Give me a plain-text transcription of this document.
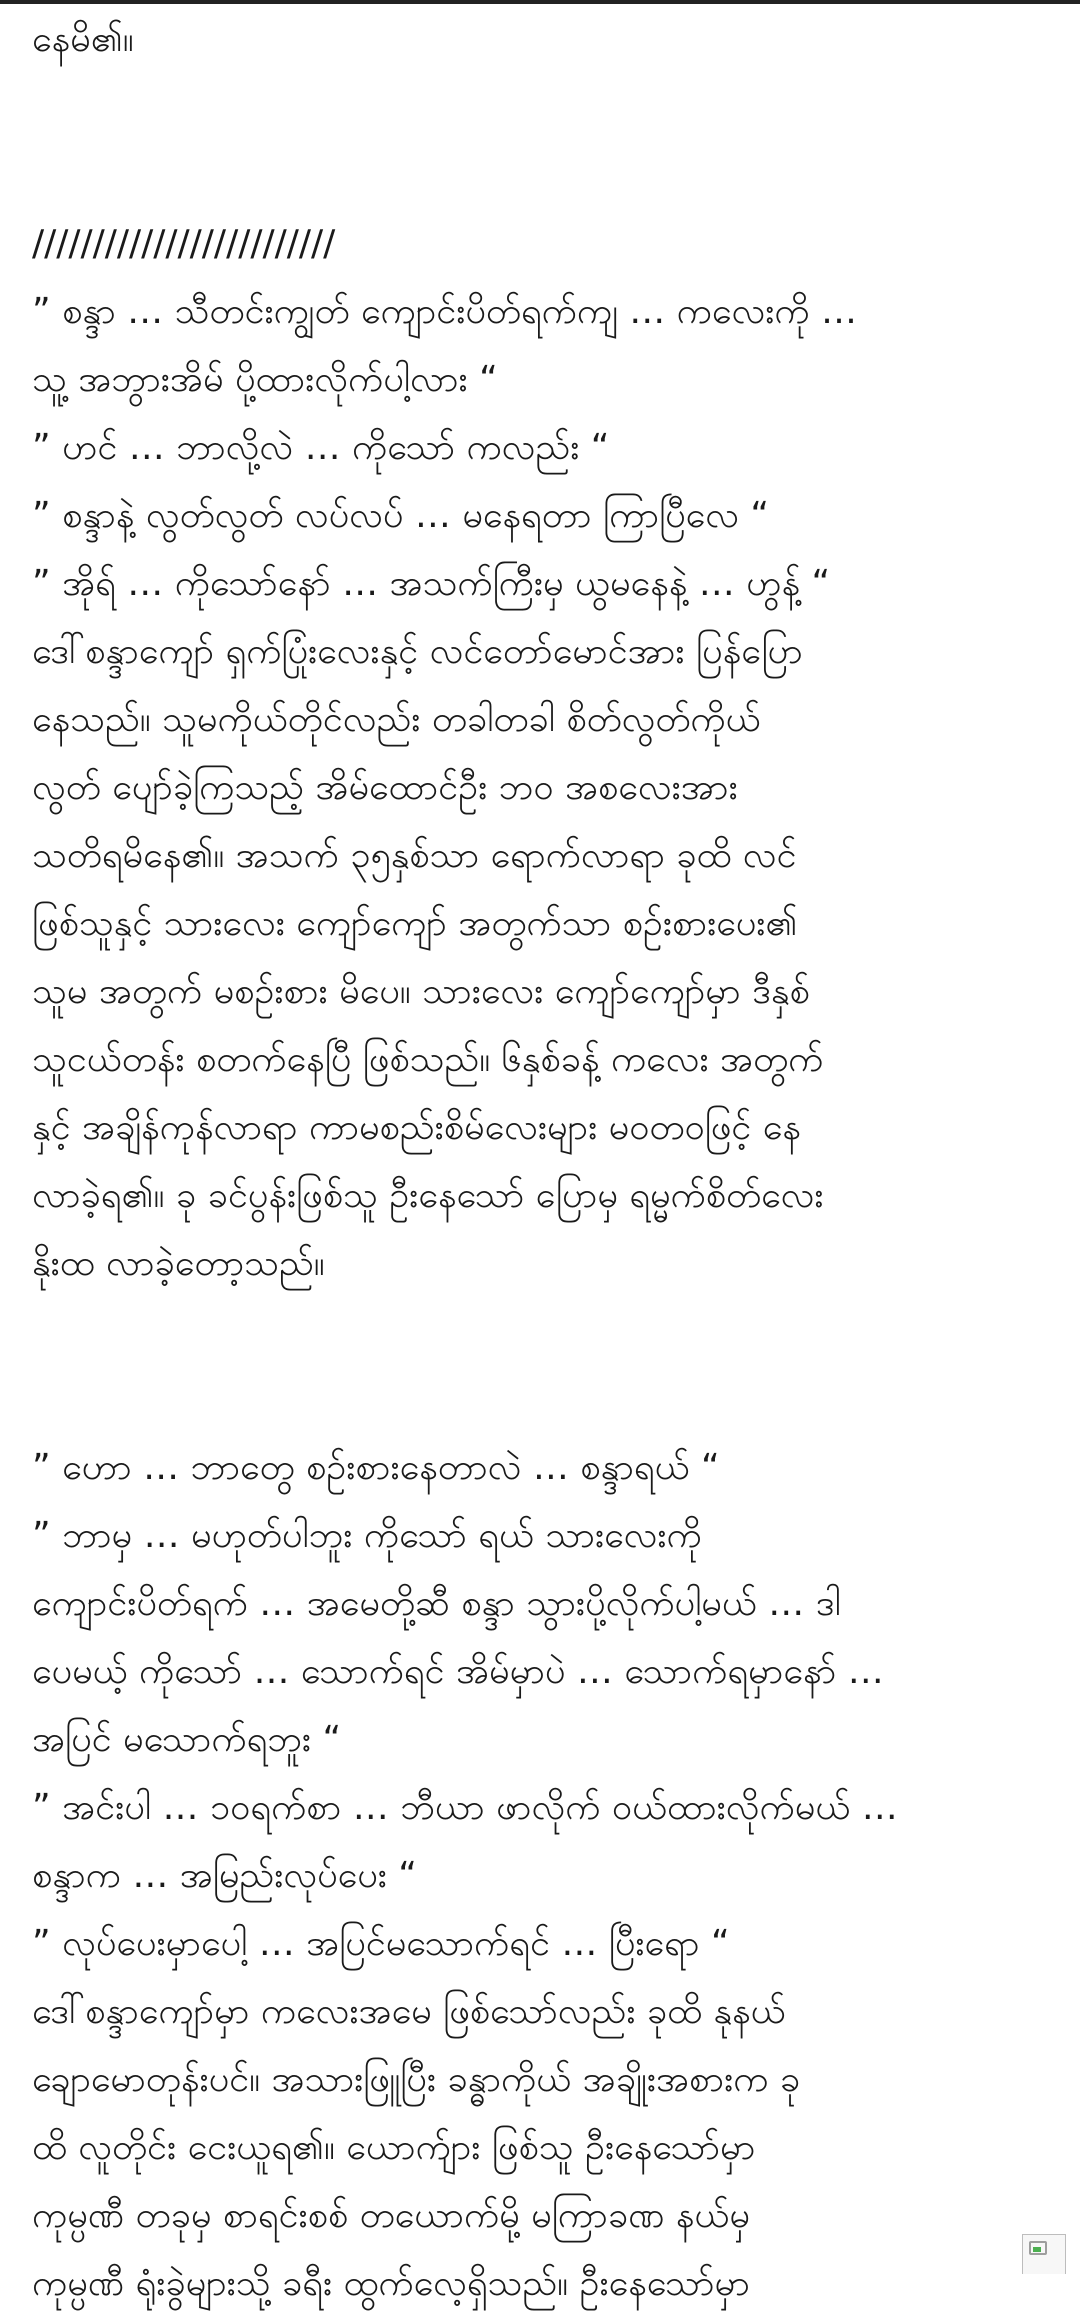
နေမိ၏။
/////////////////////////
” စန္ဒာ … သီတင်းကျွတ် ကျောင်းပိတ်ရက်ကျ … ကလေးကို …
သူ့ အဘွားအိမ် ပို့ထားလိုက်ပါ့လား “
” ဟင် … ဘာလို့လဲ … ကိုသော် ကလည်း “
” စန္ဒာနဲ့ လွတ်လွတ် လပ်လပ် … မနေရတာ ကြာပြီလေ “
” အိုရ် … ကိုသော်နော် … အသက်ကြီးမှ ယွမနေနဲ့ … ဟွန့် “
ဒေါ်စန္ဒာကျော် ရှက်ပြုံးလေးနှင့် လင်တော်မောင်အား ပြန်ပြော
နေသည်။ သူမကိုယ်တိုင်လည်း တခါတခါ စိတ်လွတ်ကိုယ်
လွတ် ပျော်ခဲ့ကြသည့် အိမ်ထောင်ဦး ဘဝ အစလေးအား
သတိရမိနေ၏။ အသက် ၃၅နှစ်သာ ရောက်လာရာ ခုထိ လင်
ဖြစ်သူနှင့် သားလေး ကျော်ကျော် အတွက်သာ စဉ်းစားပေး၏
သူမ အတွက် မစဉ်းစား မိပေ။ သားလေး ကျော်ကျော်မှာ ဒီနှစ်
သူငယ်တန်း စတက်နေပြီ ဖြစ်သည်။ ၆နှစ်ခန့် ကလေး အတွက်
နှင့် အချိန်ကုန်လာရာ ကာမစည်းစိမ်လေးများ မဝတဝဖြင့် နေ
လာခဲ့ရ၏။ ခု ခင်ပွန်းဖြစ်သူ ဦးနေသော် ပြောမှ ရမ္မက်စိတ်လေး
နိုးထ လာခဲ့တော့သည်။
” ဟော … ဘာတွေ စဉ်းစားနေတာလဲ … စန္ဒာရယ် “
” ဘာမှ … မဟုတ်ပါဘူး ကိုသော် ရယ် သားလေးကို
ကျောင်းပိတ်ရက် … အမေတို့ဆီ စန္ဒာ သွားပို့လိုက်ပါ့မယ် … ဒါ
ပေမယ့် ကိုသော် … သောက်ရင် အိမ်မှာပဲ … သောက်ရမှာနော် …
အပြင် မသောက်ရဘူး “
” အင်းပါ … ၁၀ရက်စာ … ဘီယာ ဖာလိုက် ဝယ်ထားလိုက်မယ် …
စန္ဒာက … အမြည်းလုပ်ပေး “
” လုပ်ပေးမှာပေါ့ … အပြင်မသောက်ရင် … ပြီးရော “
ဒေါ်စန္ဒာကျော်မှာ ကလေးအမေ ဖြစ်သော်လည်း ခုထိ နုနယ်
ချောမောတုန်းပင်။ အသားဖြူပြီး ခန္ဓာကိုယ် အချိုးအစားက ခု
ထိ လူတိုင်း ငေးယူရ၏။ ယောက်ျား ဖြစ်သူ ဦးနေသော်မှာ
ကုမ္ပဏီ တခုမှ စာရင်းစစ် တယောက်မို့ မကြာခဏ နယ်မှ
ကုမ္ပဏီ ရုံးခွဲများသို့ ခရီး ထွက်လေ့ရှိသည်။ ဦးနေသော်မှာ
